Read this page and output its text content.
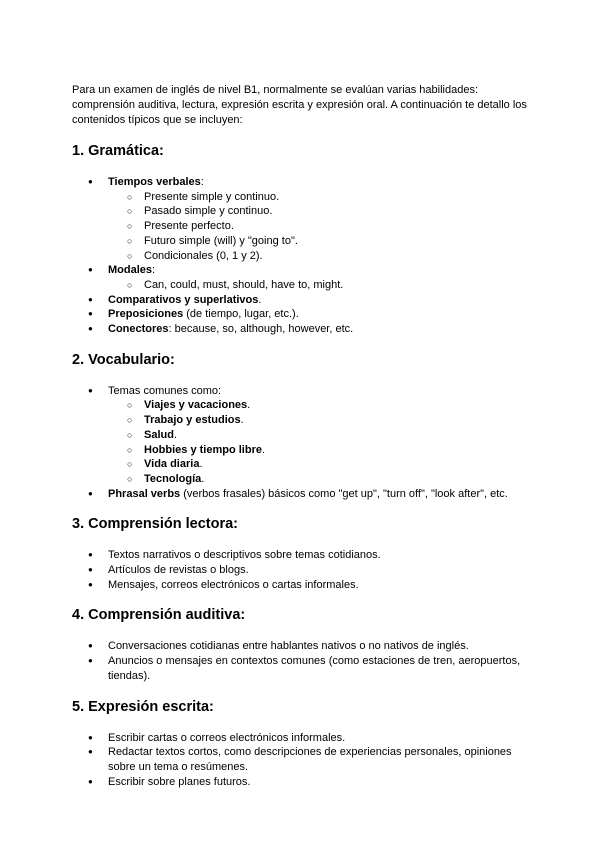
Para un examen de inglés de nivel B1, normalmente se evalúan varias habilidades: comprensión auditiva, lectura, expresión escrita y expresión oral. A continuación te detallo los contenidos típicos que se incluyen:

1. Gramática:
● Tiempos verbales:
○ Presente simple y continuo.
○ Pasado simple y continuo.
○ Presente perfecto.
○ Futuro simple (will) y "going to".
○ Condicionales (0, 1 y 2).
● Modales:
○ Can, could, must, should, have to, might.
● Comparativos y superlativos.
● Preposiciones (de tiempo, lugar, etc.).
● Conectores: because, so, although, however, etc.
2. Vocabulario:
● Temas comunes como:
○ Viajes y vacaciones.
○ Trabajo y estudios.
○ Salud.
○ Hobbies y tiempo libre.
○ Vida diaria.
○ Tecnología.
● Phrasal verbs (verbos frasales) básicos como "get up", "turn off", "look after", etc.
3. Comprensión lectora:
● Textos narrativos o descriptivos sobre temas cotidianos.
● Artículos de revistas o blogs.
● Mensajes, correos electrónicos o cartas informales.
4. Comprensión auditiva:
● Conversaciones cotidianas entre hablantes nativos o no nativos de inglés.
● Anuncios o mensajes en contextos comunes (como estaciones de tren, aeropuertos, tiendas).
5. Expresión escrita:
● Escribir cartas o correos electrónicos informales.
● Redactar textos cortos, como descripciones de experiencias personales, opiniones sobre un tema o resúmenes.
● Escribir sobre planes futuros.
